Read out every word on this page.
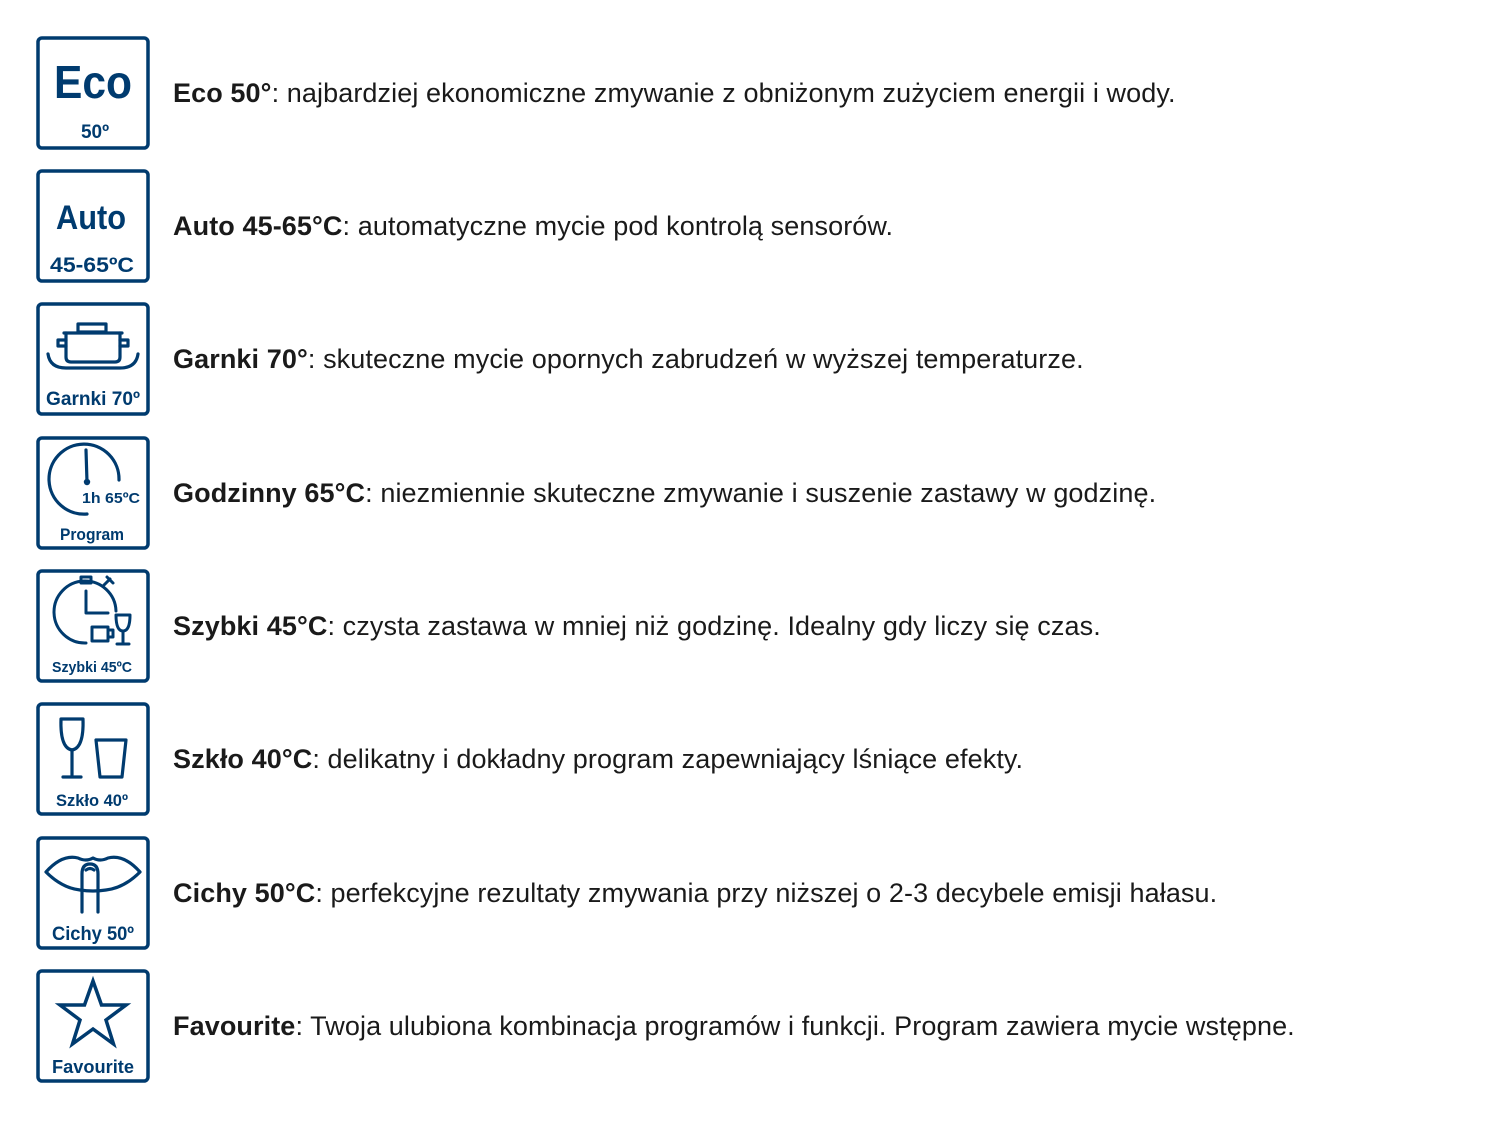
Eco
50º
Eco 50°: najbardziej ekonomiczne zmywanie z obniżonym zużyciem energii i wody.
Auto
45-65ºC
Auto 45-65°C: automatyczne mycie pod kontrolą sensorów.
Garnki 70º
Garnki 70°: skuteczne mycie opornych zabrudzeń w wyższej temperaturze.
1h 65ºC
Program
Godzinny 65°C: niezmiennie skuteczne zmywanie i suszenie zastawy w godzinę.
Szybki 45ºC
Szybki 45°C: czysta zastawa w mniej niż godzinę. Idealny gdy liczy się czas.
Szkło 40º
Szkło 40°C: delikatny i dokładny program zapewniający lśniące efekty.
Cichy 50º
Cichy 50°C: perfekcyjne rezultaty zmywania przy niższej o 2-3 decybele emisji hałasu.
Favourite
Favourite: Twoja ulubiona kombinacja programów i funkcji. Program zawiera mycie wstępne.
